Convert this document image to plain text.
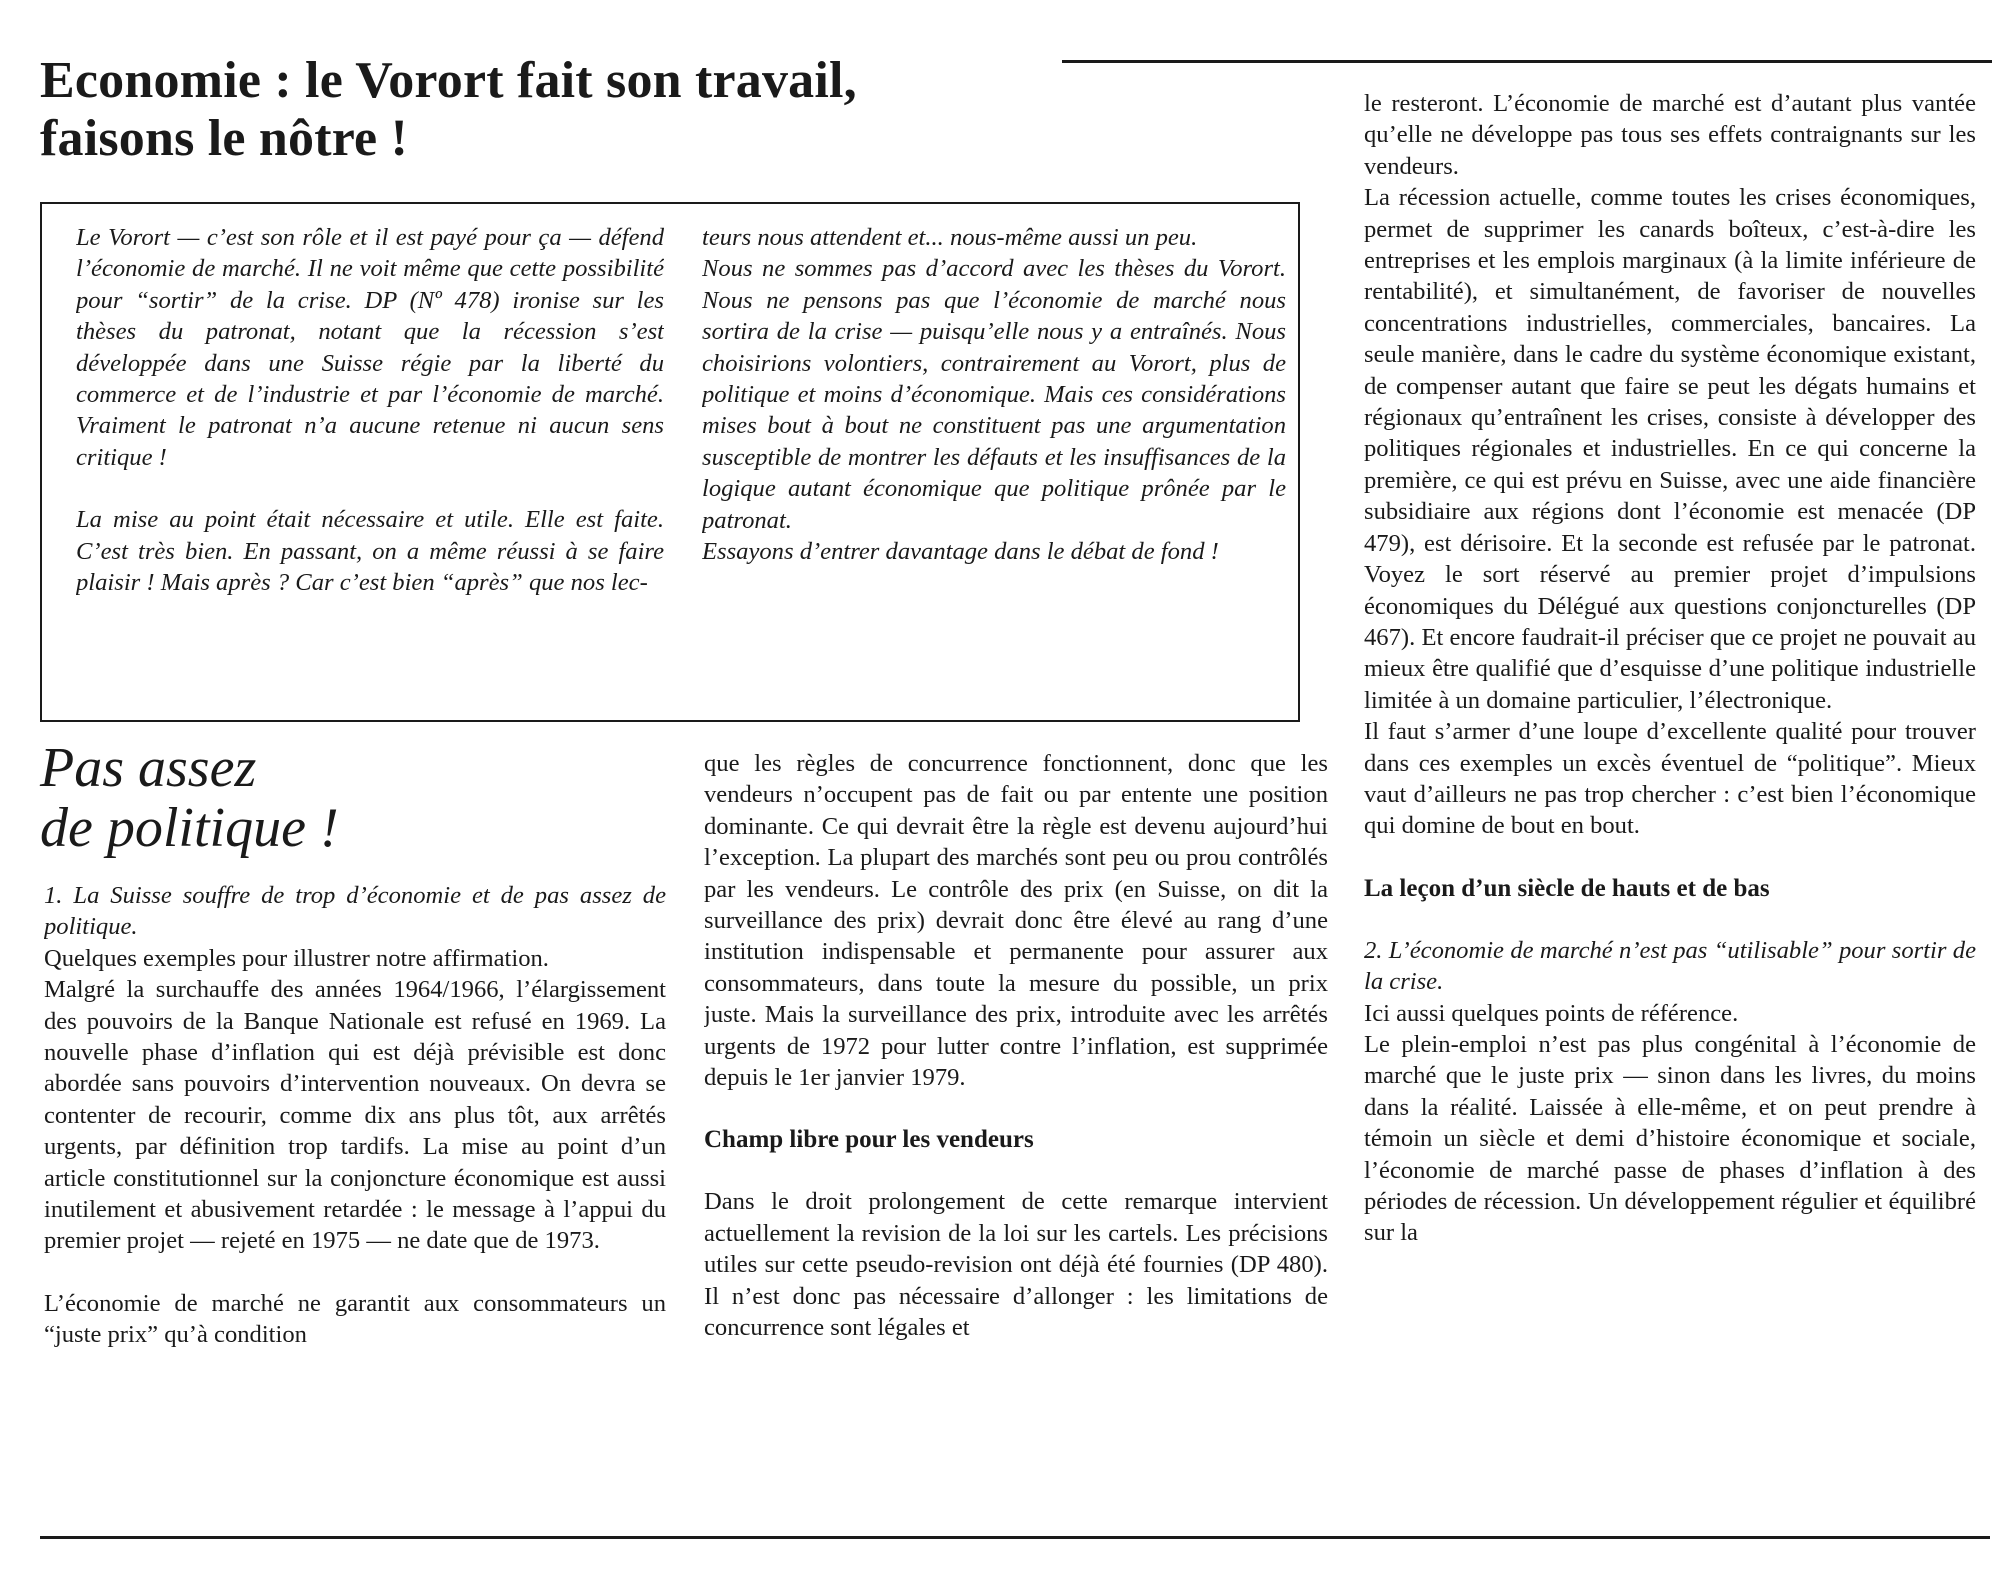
Economie : le Vorort fait son travail,
faisons le nôtre !

Le Vorort — c’est son rôle et il est payé pour ça — défend l’économie de marché. Il ne voit même que cette possibilité pour “sortir” de la crise. DP (Nº 478) ironise sur les thèses du patronat, notant que la récession s’est développée dans une Suisse régie par la liberté du commerce et de l’industrie et par l’économie de marché. Vraiment le patronat n’a aucune retenue ni aucun sens critique !

La mise au point était nécessaire et utile. Elle est faite. C’est très bien. En passant, on a même réussi à se faire plaisir ! Mais après ? Car c’est bien “après” que nos lec-

teurs nous attendent et... nous-même aussi un peu.

Nous ne sommes pas d’accord avec les thèses du Vorort. Nous ne pensons pas que l’économie de marché nous sortira de la crise — puisqu’elle nous y a entraînés. Nous choisirions volontiers, contrairement au Vorort, plus de politique et moins d’économique. Mais ces considérations mises bout à bout ne constituent pas une argumentation susceptible de montrer les défauts et les insuffisances de la logique autant économique que politique prônée par le patronat.

Essayons d’entrer davantage dans le débat de fond !

Pas assez
de politique !

1. La Suisse souffre de trop d’économie et de pas assez de politique.

Quelques exemples pour illustrer notre affirmation.

Malgré la surchauffe des années 1964/1966, l’élargissement des pouvoirs de la Banque Nationale est refusé en 1969. La nouvelle phase d’inflation qui est déjà prévisible est donc abordée sans pouvoirs d’intervention nouveaux. On devra se contenter de recourir, comme dix ans plus tôt, aux arrêtés urgents, par définition trop tardifs. La mise au point d’un article constitutionnel sur la conjoncture économique est aussi inutilement et abusivement retardée : le message à l’appui du premier projet — rejeté en 1975 — ne date que de 1973.

L’économie de marché ne garantit aux consommateurs un “juste prix” qu’à condition

que les règles de concurrence fonctionnent, donc que les vendeurs n’occupent pas de fait ou par entente une position dominante. Ce qui devrait être la règle est devenu aujourd’hui l’exception. La plupart des marchés sont peu ou prou contrôlés par les vendeurs. Le contrôle des prix (en Suisse, on dit la surveillance des prix) devrait donc être élevé au rang d’une institution indispensable et permanente pour assurer aux consommateurs, dans toute la mesure du possible, un prix juste. Mais la surveillance des prix, introduite avec les arrêtés urgents de 1972 pour lutter contre l’inflation, est supprimée depuis le 1er janvier 1979.

Champ libre pour les vendeurs

Dans le droit prolongement de cette remarque intervient actuellement la revision de la loi sur les cartels. Les précisions utiles sur cette pseudo-revision ont déjà été fournies (DP 480). Il n’est donc pas nécessaire d’allonger : les limitations de concurrence sont légales et

le resteront. L’économie de marché est d’autant plus vantée qu’elle ne développe pas tous ses effets contraignants sur les vendeurs.

La récession actuelle, comme toutes les crises économiques, permet de supprimer les canards boîteux, c’est-à-dire les entreprises et les emplois marginaux (à la limite inférieure de rentabilité), et simultanément, de favoriser de nouvelles concentrations industrielles, commerciales, bancaires. La seule manière, dans le cadre du système économique existant, de compenser autant que faire se peut les dégats humains et régionaux qu’entraînent les crises, consiste à développer des politiques régionales et industrielles. En ce qui concerne la première, ce qui est prévu en Suisse, avec une aide financière subsidiaire aux régions dont l’économie est menacée (DP 479), est dérisoire. Et la seconde est refusée par le patronat. Voyez le sort réservé au premier projet d’impulsions économiques du Délégué aux questions conjoncturelles (DP 467). Et encore faudrait-il préciser que ce projet ne pouvait au mieux être qualifié que d’esquisse d’une politique industrielle limitée à un domaine particulier, l’électronique.

Il faut s’armer d’une loupe d’excellente qualité pour trouver dans ces exemples un excès éventuel de “politique”. Mieux vaut d’ailleurs ne pas trop chercher : c’est bien l’économique qui domine de bout en bout.

La leçon d’un siècle de hauts et de bas

2. L’économie de marché n’est pas “utilisable” pour sortir de la crise.

Ici aussi quelques points de référence.

Le plein-emploi n’est pas plus congénital à l’économie de marché que le juste prix — sinon dans les livres, du moins dans la réalité. Laissée à elle-même, et on peut prendre à témoin un siècle et demi d’histoire économique et sociale, l’économie de marché passe de phases d’inflation à des périodes de récession. Un développement régulier et équilibré sur la
